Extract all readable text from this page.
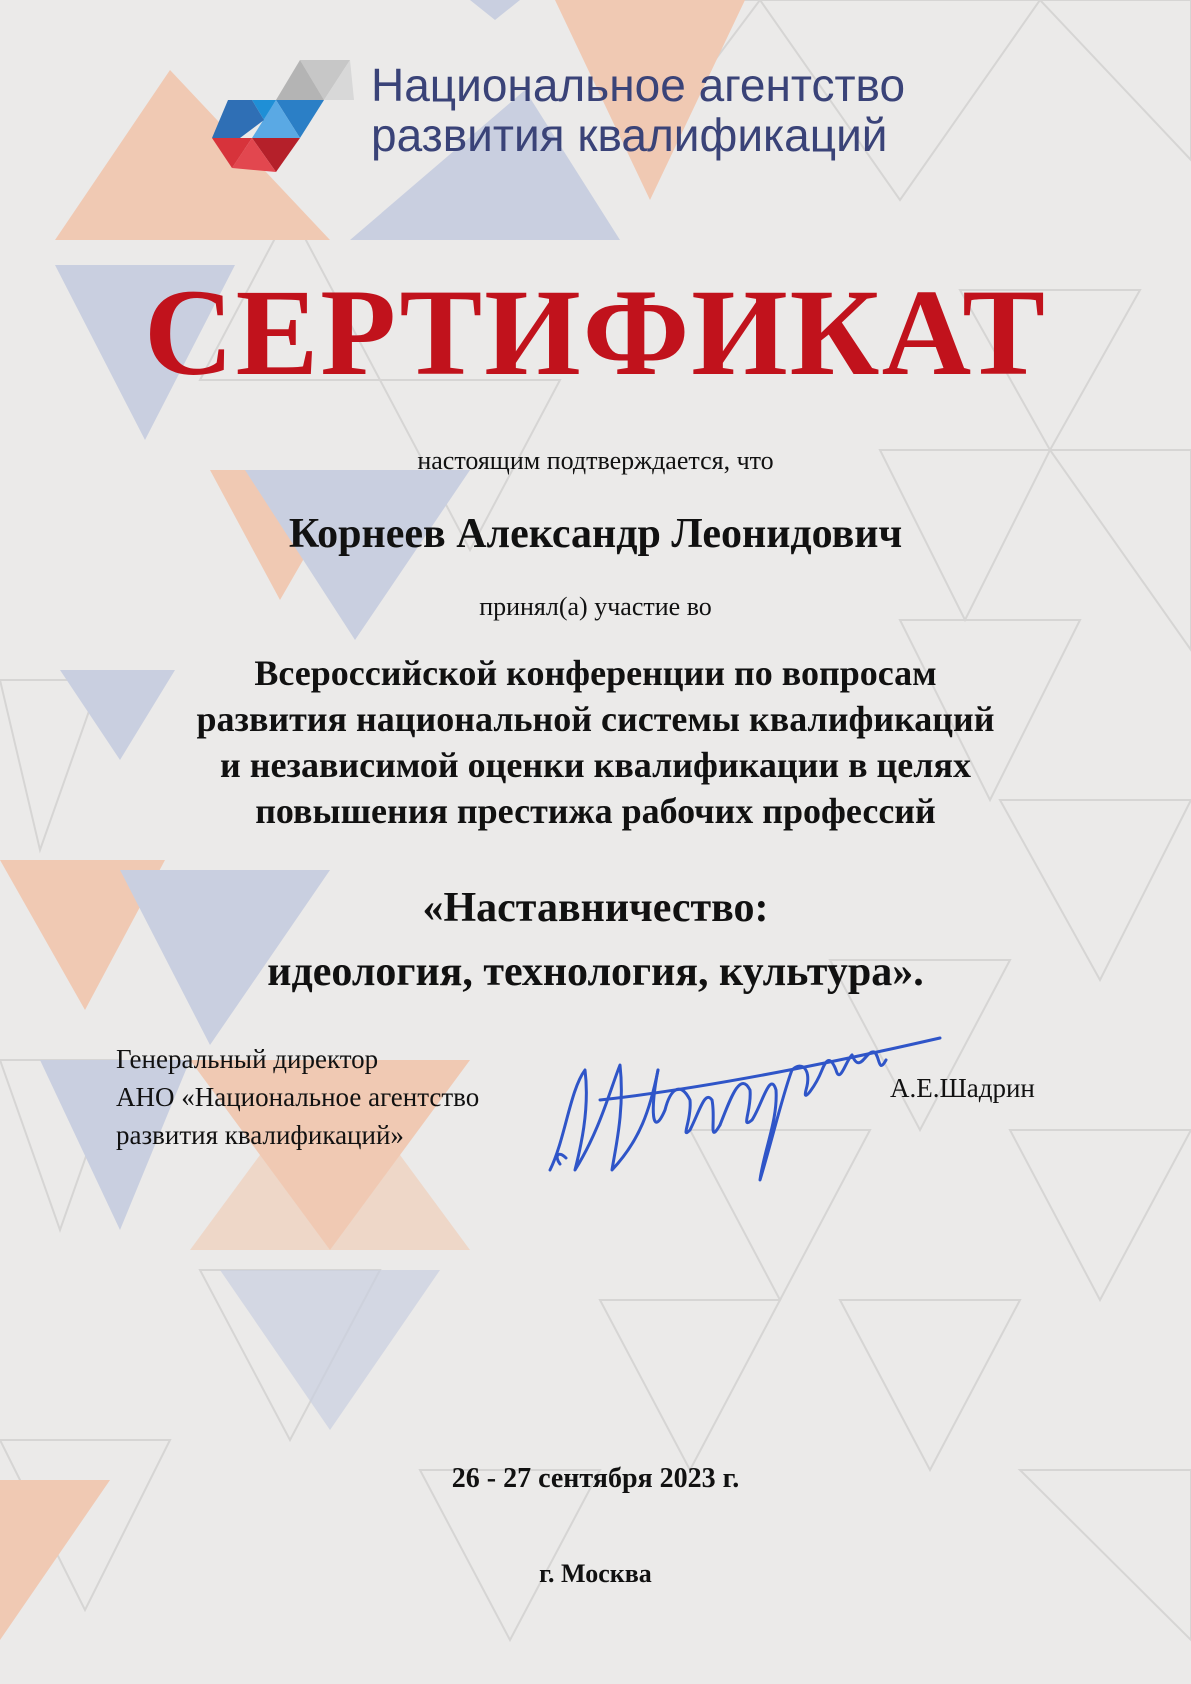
Национальное агентство
развития квалификаций
СЕРТИФИКАТ
настоящим подтверждается, что
Корнеев Александр Леонидович
принял(а) участие во
Всероссийской конференции по вопросам
развития национальной системы квалификаций
и независимой оценки квалификации в целях
повышения престижа рабочих профессий
«Наставничество:
идеология, технология, культура».
Генеральный директор
АНО «Национальное агентство
развития квалификаций»
А.Е.Шадрин
26 - 27 сентября 2023 г.
г. Москва
